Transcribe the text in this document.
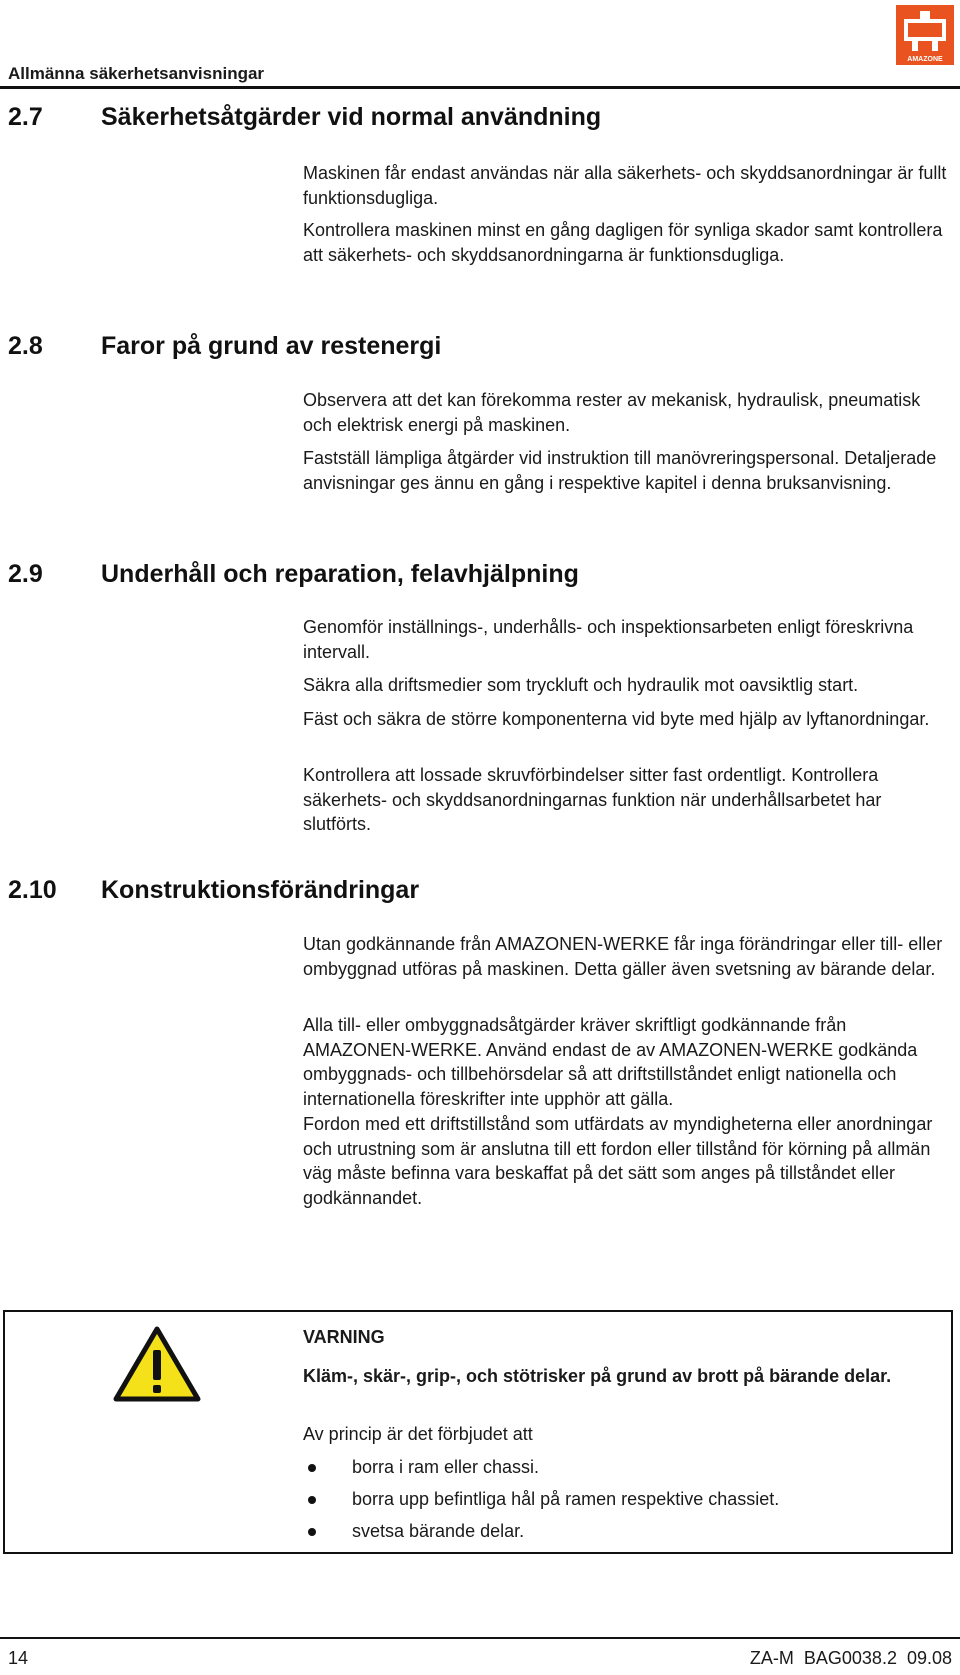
Allmänna säkerhetsanvisningar
AMAZONE
2.7 Säkerhetsåtgärder vid normal användning

Maskinen får endast användas när alla säkerhets- och skyddsanordningar är fullt funktionsdugliga.

Kontrollera maskinen minst en gång dagligen för synliga skador samt kontrollera att säkerhets- och skyddsanordningarna är funktionsdugliga.

2.8 Faror på grund av restenergi

Observera att det kan förekomma rester av mekanisk, hydraulisk, pneumatisk och elektrisk energi på maskinen.

Fastställ lämpliga åtgärder vid instruktion till manövreringspersonal. Detaljerade anvisningar ges ännu en gång i respektive kapitel i denna bruksanvisning.

2.9 Underhåll och reparation, felavhjälpning

Genomför inställnings-, underhålls- och inspektionsarbeten enligt föreskrivna intervall.

Säkra alla driftsmedier som tryckluft och hydraulik mot oavsiktlig start.

Fäst och säkra de större komponenterna vid byte med hjälp av lyftanordningar.

Kontrollera att lossade skruvförbindelser sitter fast ordentligt. Kontrollera säkerhets- och skyddsanordningarnas funktion när underhållsarbetet har slutförts.

2.10 Konstruktionsförändringar

Utan godkännande från AMAZONEN-WERKE får inga förändringar eller till- eller ombyggnad utföras på maskinen. Detta gäller även svetsning av bärande delar.

Alla till- eller ombyggnadsåtgärder kräver skriftligt godkännande från AMAZONEN-WERKE. Använd endast de av AMAZONEN-WERKE godkända ombyggnads- och tillbehörsdelar så att driftstillståndet enligt nationella och internationella föreskrifter inte upphör att gälla.

Fordon med ett driftstillstånd som utfärdats av myndigheterna eller anordningar och utrustning som är anslutna till ett fordon eller tillstånd för körning på allmän väg måste befinna vara beskaffat på det sätt som anges på tillståndet eller godkännandet.

VARNING
Kläm-, skär-, grip-, och stötrisker på grund av brott på bärande delar.
Av princip är det förbjudet att
borra i ram eller chassi.
borra upp befintliga hål på ramen respektive chassiet.
svetsa bärande delar.
14	ZA-M  BAG0038.2  09.08
